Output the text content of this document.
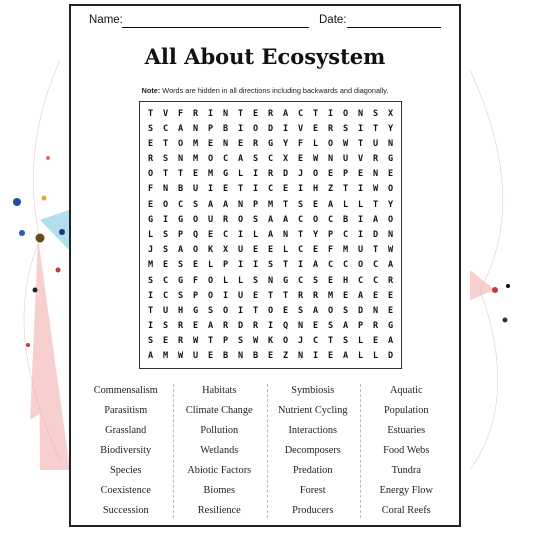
Name:	Date:
All About Ecosystem
Note: Words are hidden in all directions including backwards and diagonally.
T	V	F	R	I	N	T	E	R	A	C	T	I	O	N	S	X
S	C	A	N	P	B	I	O	D	I	V	E	R	S	I	T	Y
E	T	O	M	E	N	E	R	G	Y	F	L	O	W	T	U	N
R	S	N	M	O	C	A	S	C	X	E	W	N	U	V	R	G
O	T	T	E	M	G	L	I	R	D	J	O	E	P	E	N	E
F	N	B	U	I	E	T	I	C	E	I	H	Z	T	I	W	O
E	O	C	S	A	A	N	P	M	T	S	E	A	L	L	T	Y
G	I	G	O	U	R	O	S	A	A	C	O	C	B	I	A	O
L	S	P	Q	E	C	I	L	A	N	T	Y	P	C	I	D	N
J	S	A	O	K	X	U	E	E	L	C	E	F	M	U	T	W
M	E	S	E	L	P	I	I	S	T	I	A	C	C	O	C	A
S	C	G	F	O	L	L	S	N	G	C	S	E	H	C	C	R
I	C	S	P	O	I	U	E	T	T	R	R	M	E	A	E	E
T	U	H	G	S	O	I	T	O	E	S	A	O	S	D	N	E
I	S	R	E	A	R	D	R	I	Q	N	E	S	A	P	R	G
S	E	R	W	T	P	S	W	K	O	J	C	T	S	L	E	A
A	M	W	U	E	B	N	B	E	Z	N	I	E	A	L	L	D
Commensalism	Habitats	Symbiosis	Aquatic
Parasitism	Climate Change	Nutrient Cycling	Population
Grassland	Pollution	Interactions	Estuaries
Biodiversity	Wetlands	Decomposers	Food Webs
Species	Abiotic Factors	Predation	Tundra
Coexistence	Biomes	Forest	Energy Flow
Succession	Resilience	Producers	Coral Reefs
